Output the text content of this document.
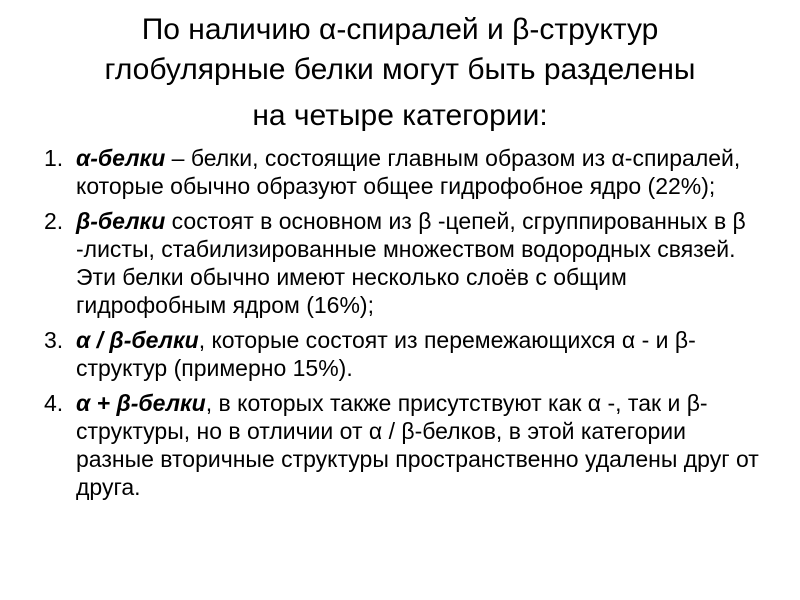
По наличию α-спиралей и β-структур
глобулярные белки могут быть разделены
на четыре категории:
1. α-белки – белки, состоящие главным образом из α-спиралей, которые обычно образуют общее гидрофобное ядро (22%);
2. β-белки состоят в основном из β -цепей, сгруппированных в β -листы, стабилизированные множеством водородных связей. Эти белки обычно имеют несколько слоёв с общим гидрофобным ядром (16%);
3. α / β-белки, которые состоят из перемежающихся α - и β-структур (примерно 15%).
4. α + β-белки, в которых также присутствуют как α -, так и β-структуры, но в отличии от α / β-белков, в этой категории разные вторичные структуры пространственно удалены друг от друга.
